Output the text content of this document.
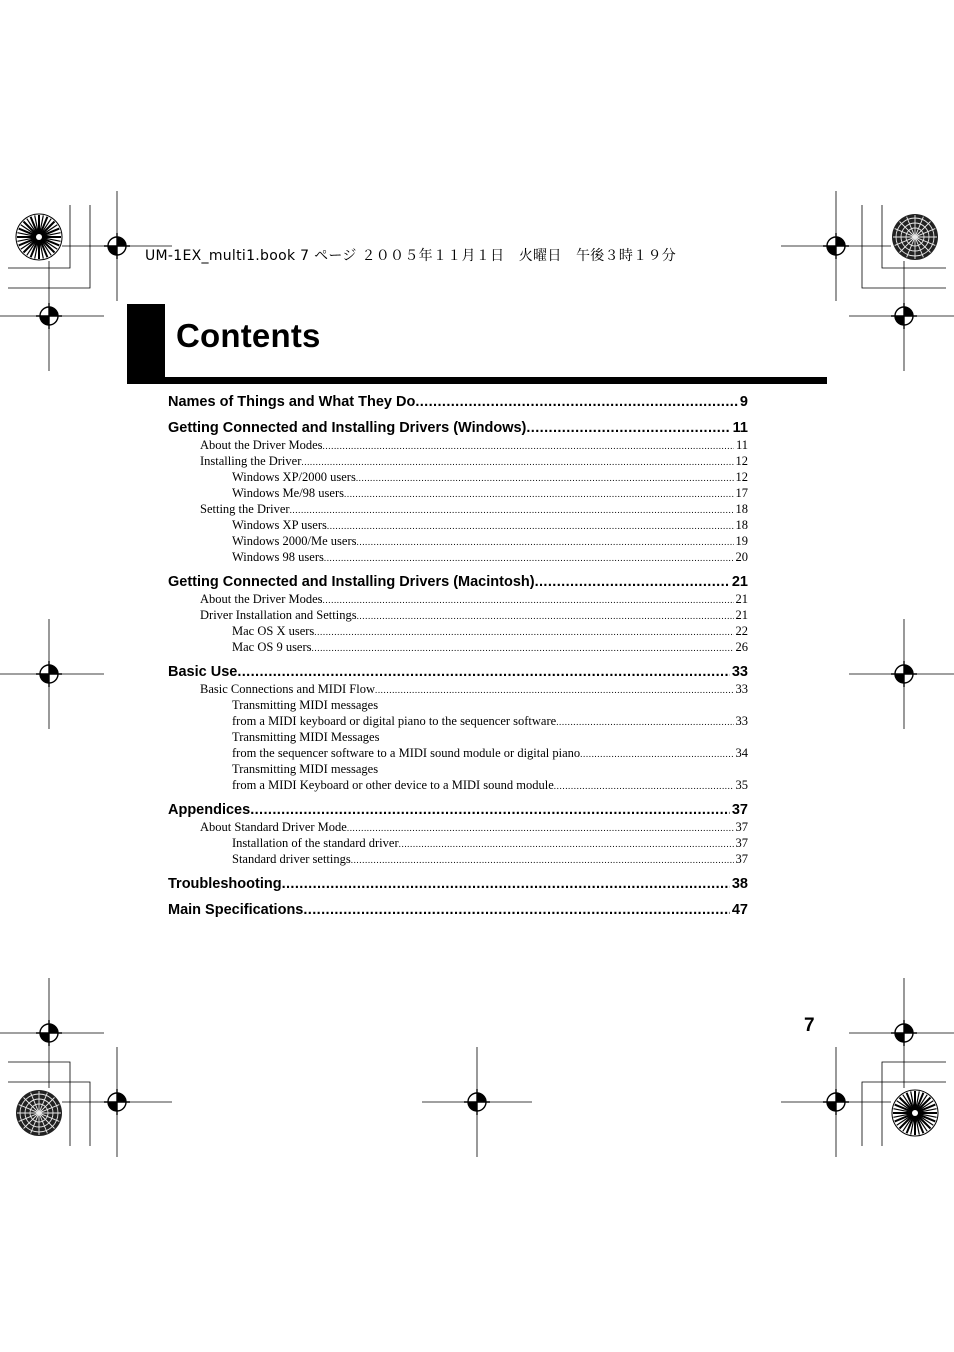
UM-1EX_multi1.book 7 ページ ２００５年１１月１日　火曜日　午後３時１９分

Contents
Names of Things and What They Do .....	9
Getting Connected and Installing Drivers (Windows) .....	11
About the Driver Modes .....	11
Installing the Driver .....	12
Windows XP/2000 users .....	12
Windows Me/98 users .....	17
Setting the Driver .....	18
Windows XP users .....	18
Windows 2000/Me users .....	19
Windows 98 users .....	20
Getting Connected and Installing Drivers (Macintosh) .....	21
About the Driver Modes .....	21
Driver Installation and Settings .....	21
Mac OS X users .....	22
Mac OS 9 users .....	26
Basic Use .....	33
Basic Connections and MIDI Flow .....	33
Transmitting MIDI messages
from a MIDI keyboard or digital piano to the sequencer software .....	33
Transmitting MIDI Messages
from the sequencer software to a MIDI sound module or digital piano .....	34
Transmitting MIDI messages
from a MIDI Keyboard or other device to a MIDI sound module .....	35
Appendices .....	37
About Standard Driver Mode .....	37
Installation of the standard driver .....	37
Standard driver settings .....	37
Troubleshooting .....	38
Main Specifications .....	47

7
